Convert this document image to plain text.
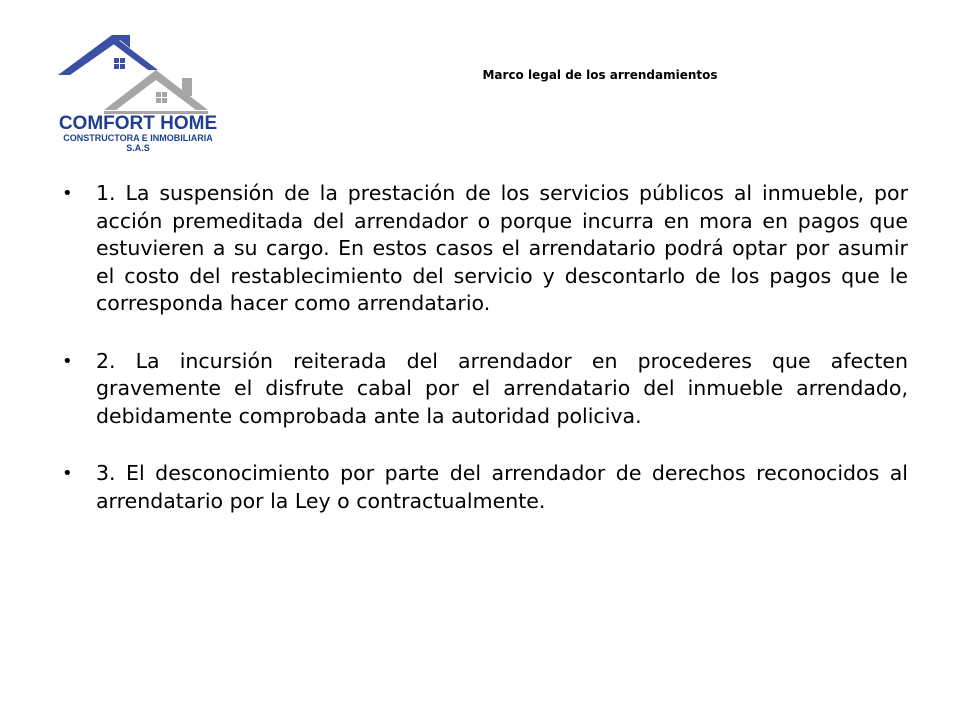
COMFORT HOME
CONSTRUCTORA E INMOBILIARIA
S.A.S
Marco legal de los arrendamientos
• 1. La suspensión de la prestación de los servicios públicos al inmueble, por acción premeditada del arrendador o porque incurra en mora en pagos que estuvieren a su cargo. En estos casos el arrendatario podrá optar por asumir el costo del restablecimiento del servicio y descontarlo de los pagos que le corresponda hacer como arrendatario.
• 2. La incursión reiterada del arrendador en procederes que afecten gravemente el disfrute cabal por el arrendatario del inmueble arrendado, debidamente comprobada ante la autoridad policiva.
• 3. El desconocimiento por parte del arrendador de derechos reconocidos al arrendatario por la Ley o contractualmente.
